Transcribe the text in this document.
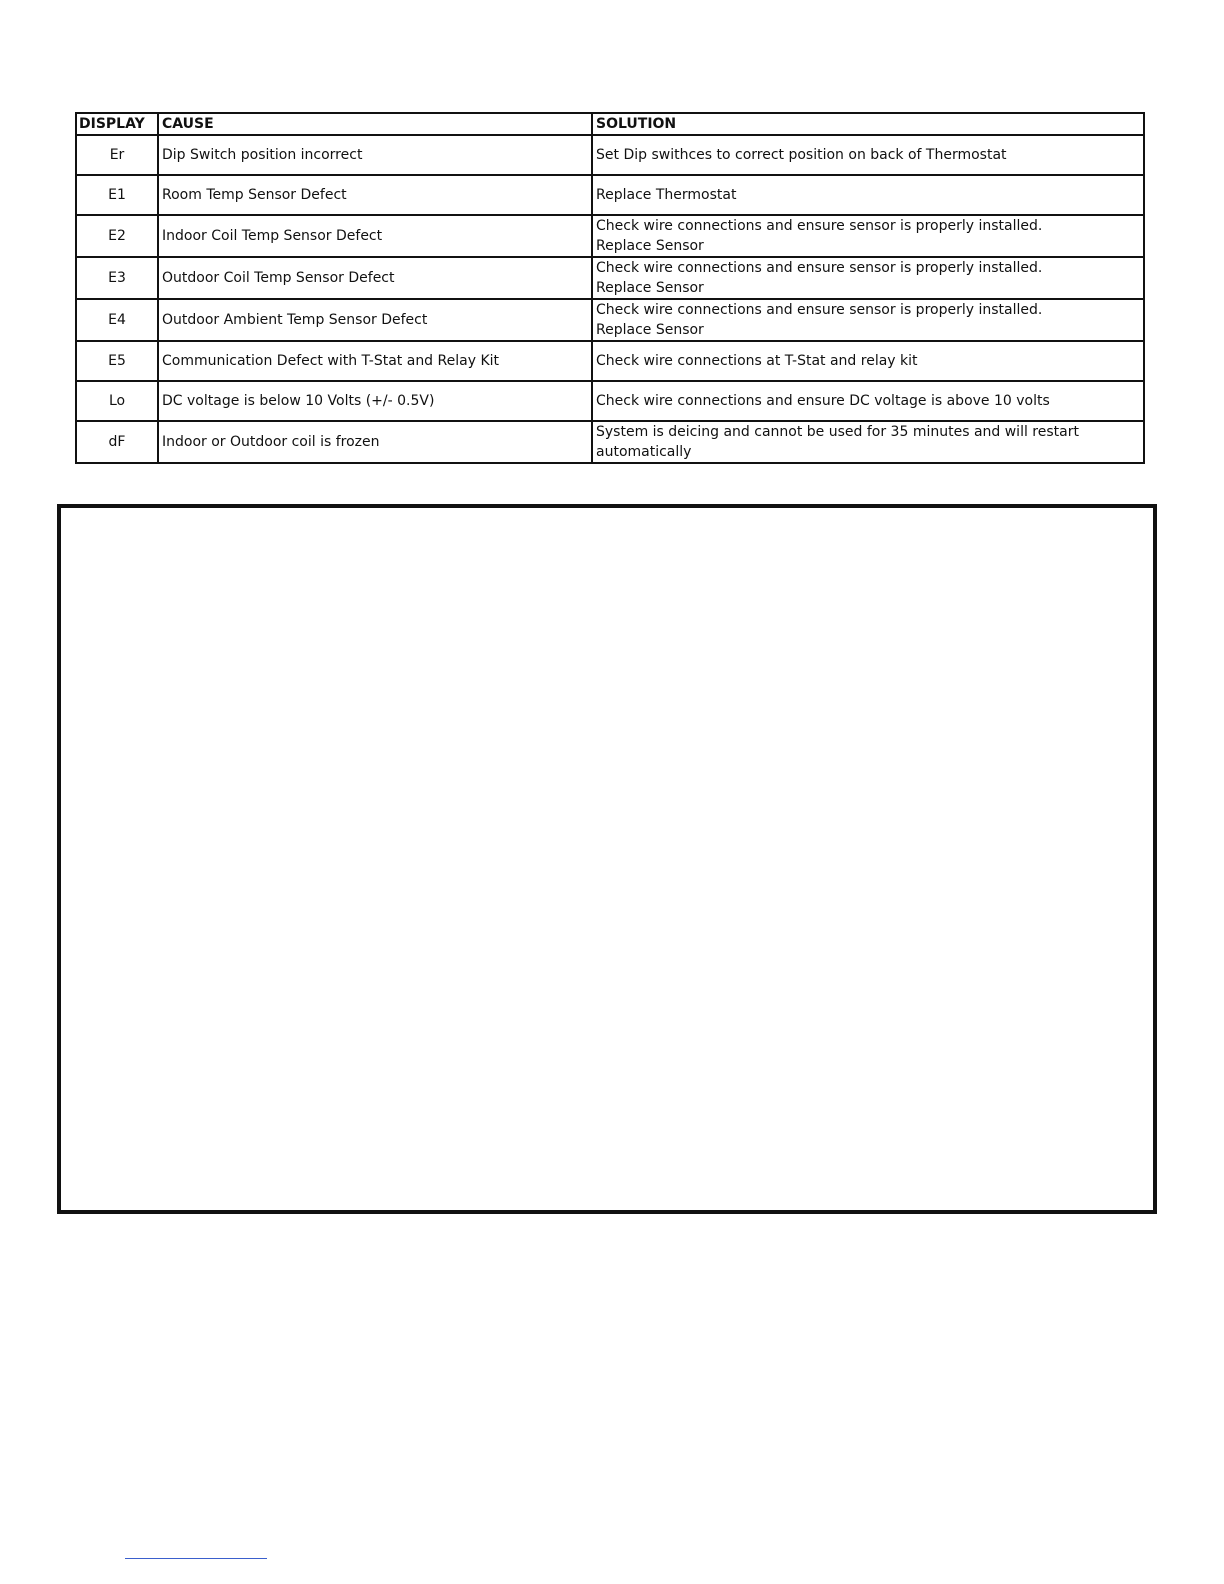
DISPLAY	CAUSE	SOLUTION
Er	Dip Switch position incorrect	Set Dip swithces to correct position on back of Thermostat

E1	Room Temp Sensor Defect	Replace Thermostat

E2	Indoor Coil Temp Sensor Defect	Check wire connections and ensure sensor is properly installed.
Replace Sensor

E3	Outdoor Coil Temp Sensor Defect	Check wire connections and ensure sensor is properly installed.
Replace Sensor

E4	Outdoor Ambient Temp Sensor Defect	Check wire connections and ensure sensor is properly installed.
Replace Sensor

E5	Communication Defect with T-Stat and Relay Kit	Check wire connections at T-Stat and relay kit

Lo	DC voltage is below 10 Volts (+/- 0.5V)	Check wire connections and ensure DC voltage is above 10 volts

dF	Indoor or Outdoor coil is frozen	System is deicing and cannot be used for 35 minutes and will restart
automatically
